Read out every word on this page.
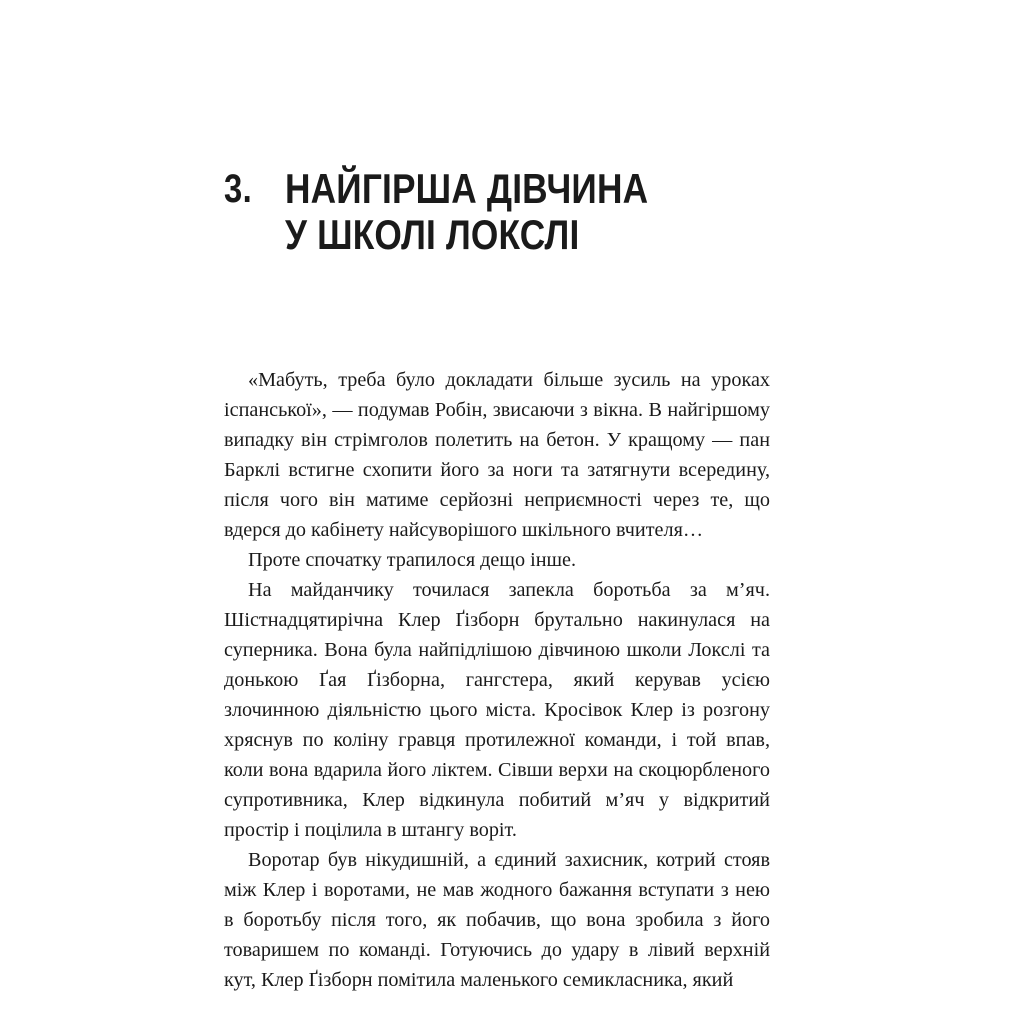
3. НАЙГІРША ДІВЧИНА
У ШКОЛІ ЛОКСЛІ

«Мабуть, треба було докладати більше зусиль на уроках іспанської», — подумав Робін, звисаючи з вікна. В найгіршому випадку він стрімголов полетить на бетон. У кращому — пан Барклі встигне схопити його за ноги та затягнути всередину, після чого він матиме серйозні неприємності через те, що вдерся до кабінету найсуворішого шкільного вчителя…

Проте спочатку трапилося дещо інше.

На майданчику точилася запекла боротьба за м’яч. Шістнадцятирічна Клер Ґізборн брутально накинулася на суперника. Вона була найпідлішою дівчиною школи Локслі та донькою Ґая Ґізборна, гангстера, який керував усією злочинною діяльністю цього міста. Кросівок Клер із розгону хряснув по коліну гравця протилежної команди, і той впав, коли вона вдарила його ліктем. Сівши верхи на скоцюрбленого супротивника, Клер відкинула побитий м’яч у відкритий простір і поцілила в штангу воріт.

Воротар був нікудишній, а єдиний захисник, котрий стояв між Клер і воротами, не мав жодного бажання вступати з нею в боротьбу після того, як побачив, що вона зробила з його товаришем по команді. Готуючись до удару в лівий верхній кут, Клер Ґізборн помітила маленького семикласника, який
